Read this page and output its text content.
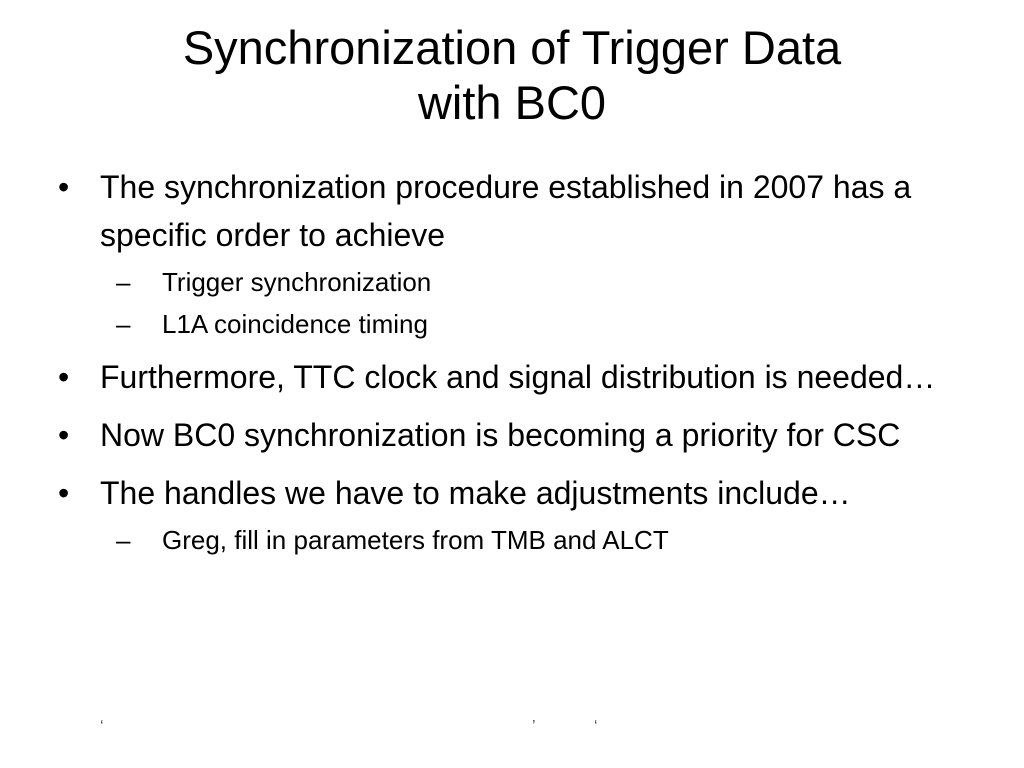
Synchronization of Trigger Data
with BC0
• The synchronization procedure established in 2007 has a specific order to achieve
–	Trigger synchronization
–	L1A coincidence timing
• Furthermore, TTC clock and signal distribution is needed…
• Now BC0 synchronization is becoming a priority for CSC
• The handles we have to make adjustments include…
–	Greg, fill in parameters from TMB and ALCT
‘	’	‘
